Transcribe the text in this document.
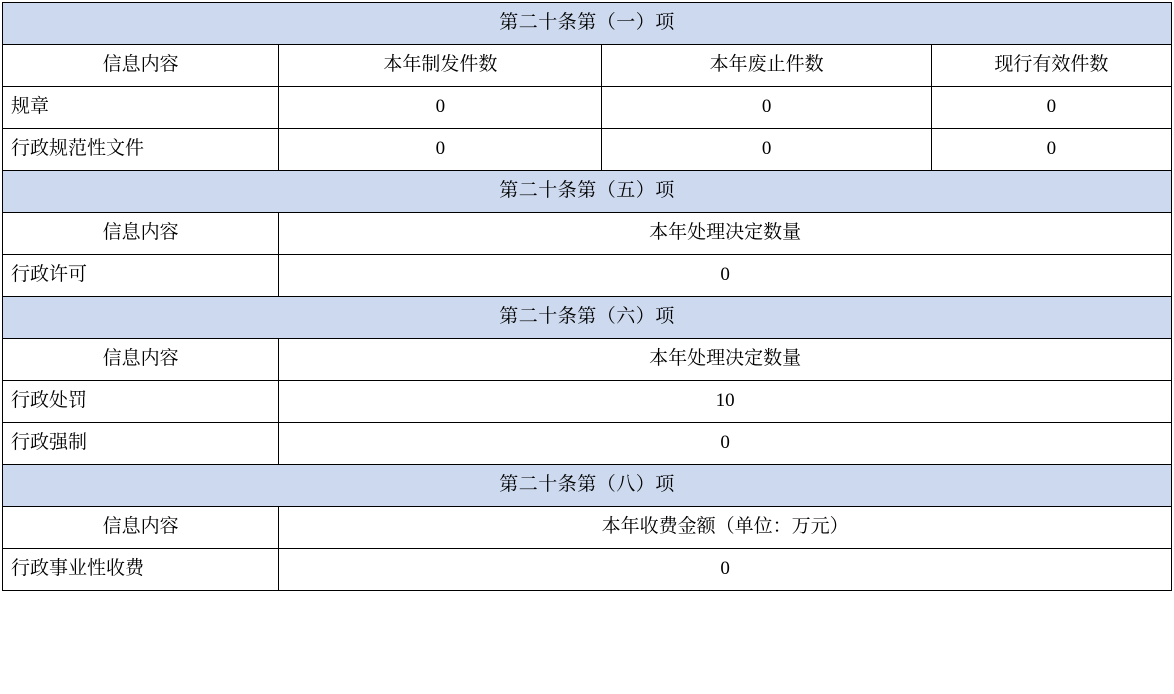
第二十条第（一）项			
信息内容	本年制发件数	本年废止件数	现行有效件数
规章	0	0	0
行政规范性文件	0	0	0
第二十条第（五）项			
信息内容	本年处理决定数量		
行政许可	0		
第二十条第（六）项			
信息内容	本年处理决定数量		
行政处罚	10		
行政强制	0		
第二十条第（八）项			
信息内容	本年收费金额（单位：万元）		
行政事业性收费	0		
